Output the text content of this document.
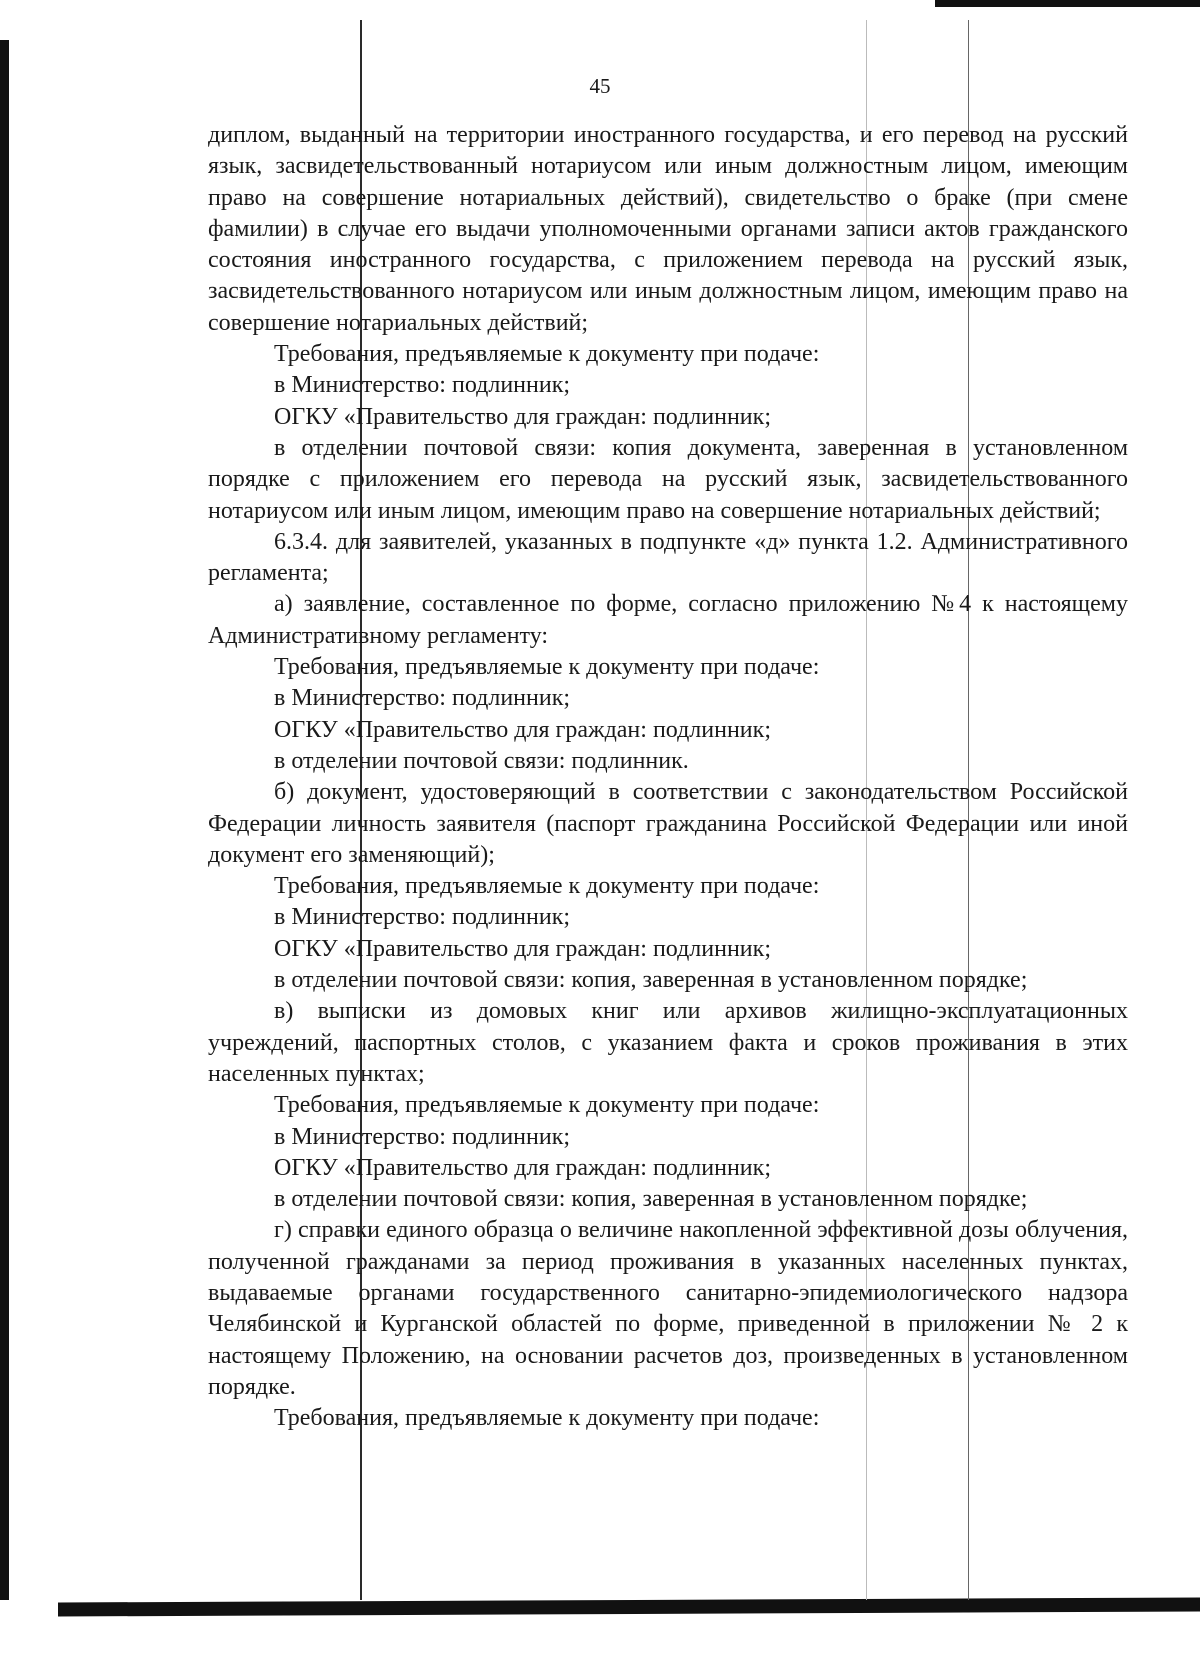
45

диплом, выданный на территории иностранного государства, и его перевод на русский язык, засвидетельствованный нотариусом или иным должностным лицом, имеющим право на совершение нотариальных действий), свидетельство о браке (при смене фамилии) в случае его выдачи уполномоченными органами записи актов гражданского состояния иностранного государства, с приложением перевода на русский язык, засвидетельствованного нотариусом или иным должностным лицом, имеющим право на совершение нотариальных действий;

Требования, предъявляемые к документу при подаче:

в Министерство: подлинник;

ОГКУ «Правительство для граждан: подлинник;

в отделении почтовой связи: копия документа, заверенная в установленном порядке с приложением его перевода на русский язык, засвидетельствованного нотариусом или иным лицом, имеющим право на совершение нотариальных действий;

6.3.4. для заявителей, указанных в подпункте «д» пункта 1.2. Административного регламента;

а) заявление, составленное по форме, согласно приложению №4 к настоящему Административному регламенту:

Требования, предъявляемые к документу при подаче:

в Министерство: подлинник;

ОГКУ «Правительство для граждан: подлинник;

в отделении почтовой связи: подлинник.

б) документ, удостоверяющий в соответствии с законодательством Российской Федерации личность заявителя (паспорт гражданина Российской Федерации или иной документ его заменяющий);

Требования, предъявляемые к документу при подаче:

в Министерство: подлинник;

ОГКУ «Правительство для граждан: подлинник;

в отделении почтовой связи: копия, заверенная в установленном порядке;

в) выписки из домовых книг или архивов жилищно-эксплуатационных учреждений, паспортных столов, с указанием факта и сроков проживания в этих населенных пунктах;

Требования, предъявляемые к документу при подаче:

в Министерство: подлинник;

ОГКУ «Правительство для граждан: подлинник;

в отделении почтовой связи: копия, заверенная в установленном порядке;

г) справки единого образца о величине накопленной эффективной дозы облучения, полученной гражданами за период проживания в указанных населенных пунктах, выдаваемые органами государственного санитарно-эпидемиологического надзора Челябинской и Курганской областей по форме, приведенной в приложении № 2 к настоящему Положению, на основании расчетов доз, произведенных в установленном порядке.

Требования, предъявляемые к документу при подаче:
